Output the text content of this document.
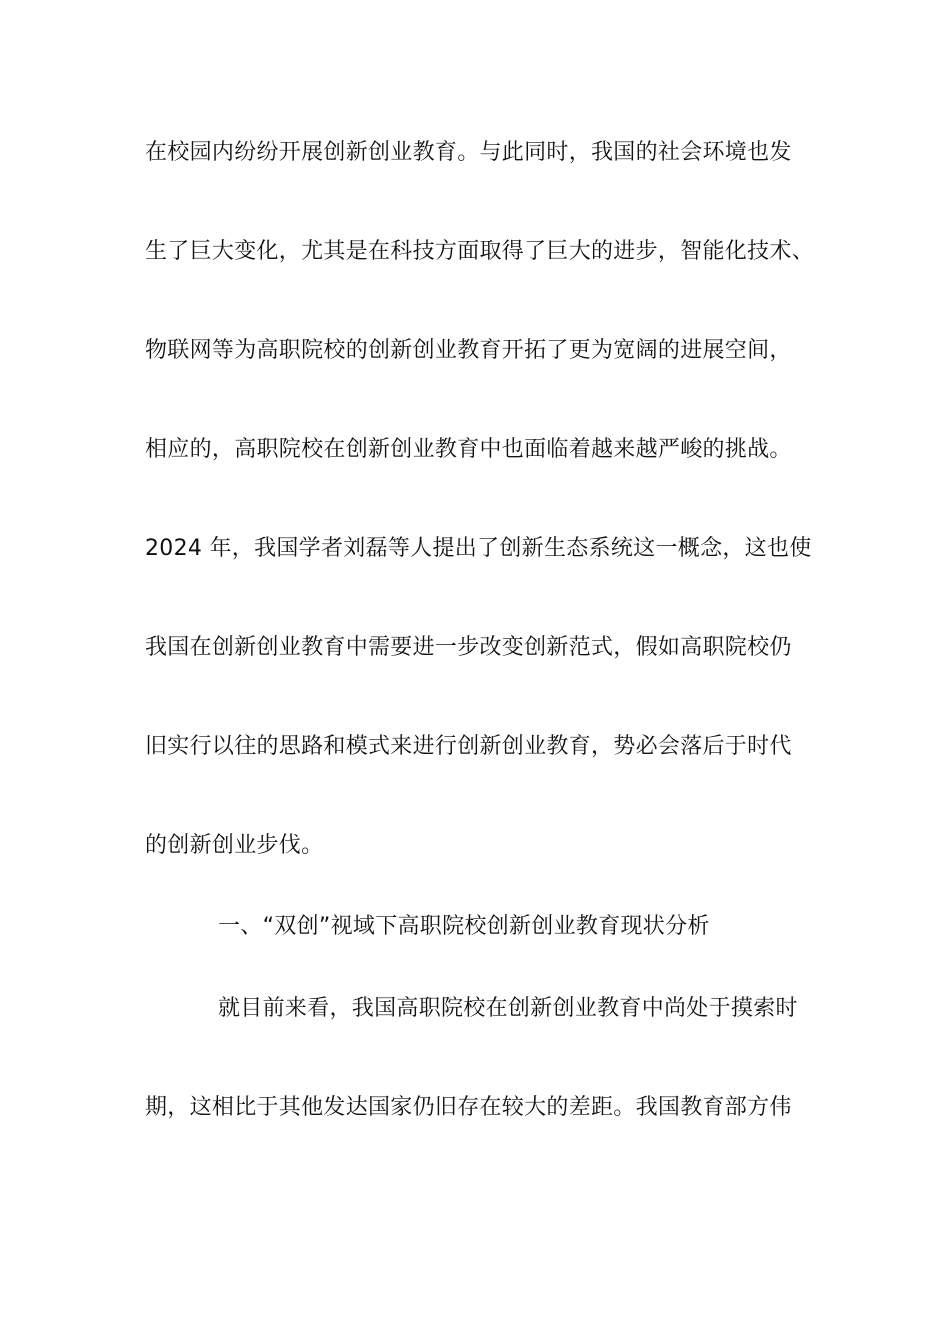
在校园内纷纷开展创新创业教育。与此同时，我国的社会环境也发
生了巨大变化，尤其是在科技方面取得了巨大的进步，智能化技术、
物联网等为高职院校的创新创业教育开拓了更为宽阔的进展空间，
相应的，高职院校在创新创业教育中也面临着越来越严峻的挑战。
2024 年，我国学者刘磊等人提出了创新生态系统这一概念，这也使
我国在创新创业教育中需要进一步改变创新范式，假如高职院校仍
旧实行以往的思路和模式来进行创新创业教育，势必会落后于时代
的创新创业步伐。
一、“双创”视域下高职院校创新创业教育现状分析
就目前来看，我国高职院校在创新创业教育中尚处于摸索时
期，这相比于其他发达国家仍旧存在较大的差距。我国教育部方伟
